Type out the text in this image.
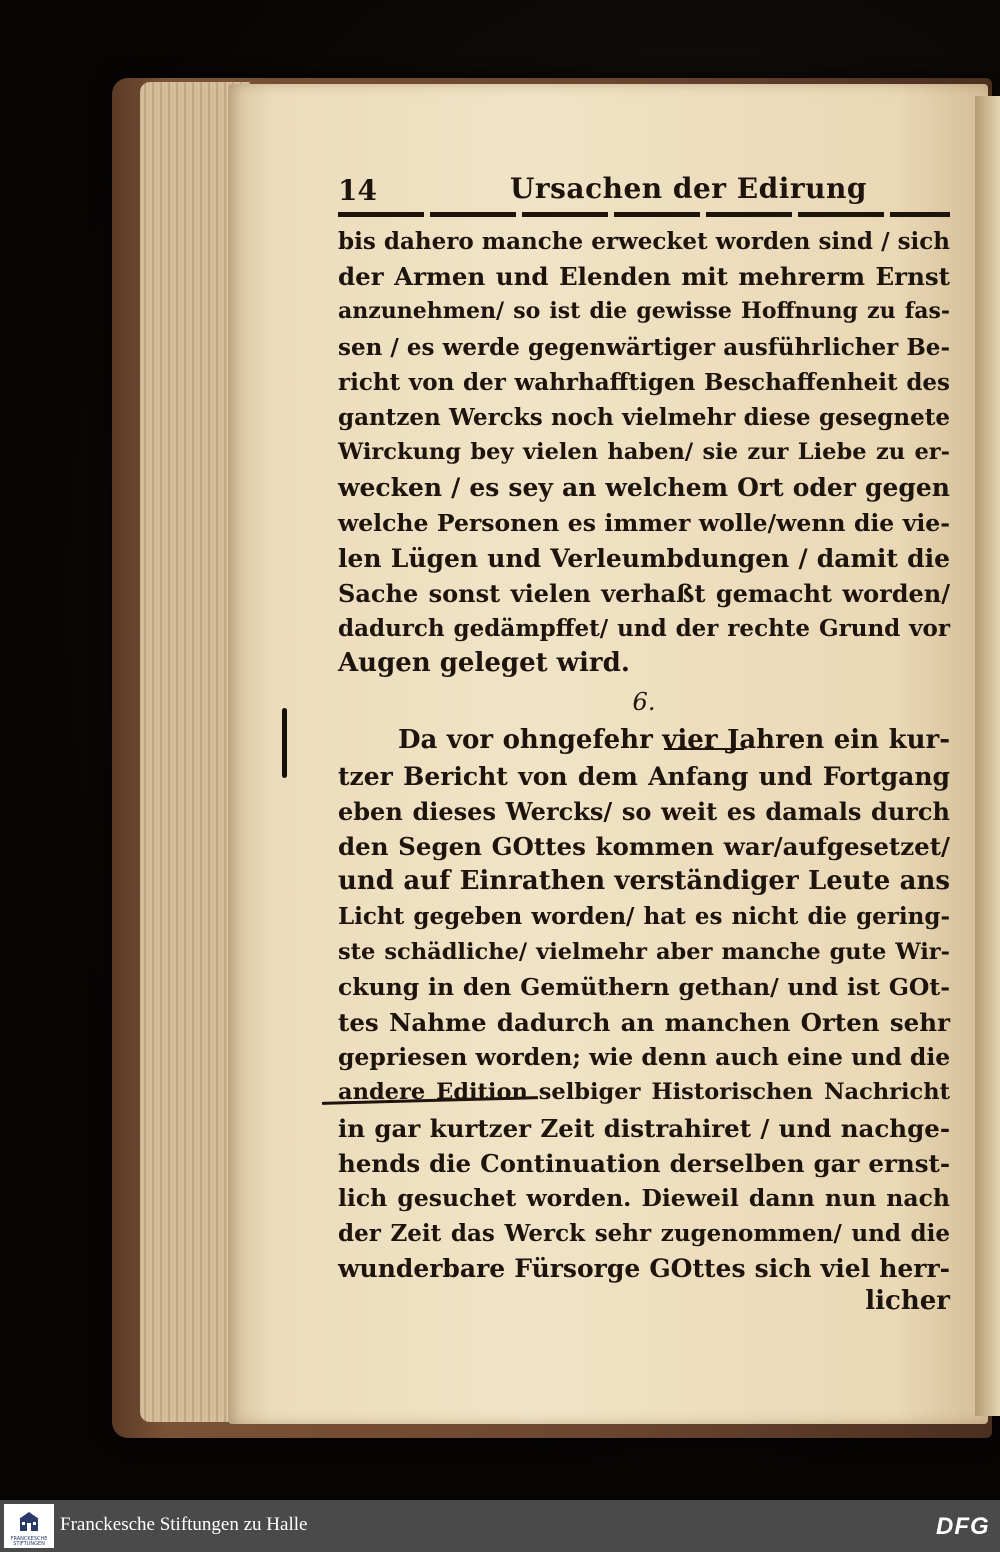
14	Ursachen der Edirung
bis dahero manche erwecket worden sind / sich
der Armen und Elenden mit mehrerm Ernst
anzunehmen/ so ist die gewisse Hoffnung zu fas-
sen / es werde gegenwärtiger ausführlicher Be-
richt von der wahrhafftigen Beschaffenheit des
gantzen Wercks noch vielmehr diese gesegnete
Wirckung bey vielen haben/ sie zur Liebe zu er-
wecken / es sey an welchem Ort oder gegen
welche Personen es immer wolle/wenn die vie-
len Lügen und Verleumbdungen / damit die
Sache sonst vielen verhaßt gemacht worden/
dadurch gedämpffet/ und der rechte Grund vor
Augen geleget wird.
6.
Da vor ohngefehr vier Jahren ein kur-
tzer Bericht von dem Anfang und Fortgang
eben dieses Wercks/ so weit es damals durch
den Segen GOttes kommen war/aufgesetzet/
und auf Einrathen verständiger Leute ans
Licht gegeben worden/ hat es nicht die gering-
ste schädliche/ vielmehr aber manche gute Wir-
ckung in den Gemüthern gethan/ und ist GOt-
tes Nahme dadurch an manchen Orten sehr
gepriesen worden; wie denn auch eine und die
andere Edition selbiger Historischen Nachricht
in gar kurtzer Zeit distrahiret / und nachge-
hends die Continuation derselben gar ernst-
lich gesuchet worden. Dieweil dann nun nach
der Zeit das Werck sehr zugenommen/ und die
wunderbare Fürsorge GOttes sich viel herr-
licher
FRANCKESCHE STIFTUNGEN
Franckesche Stiftungen zu Halle	DFG
